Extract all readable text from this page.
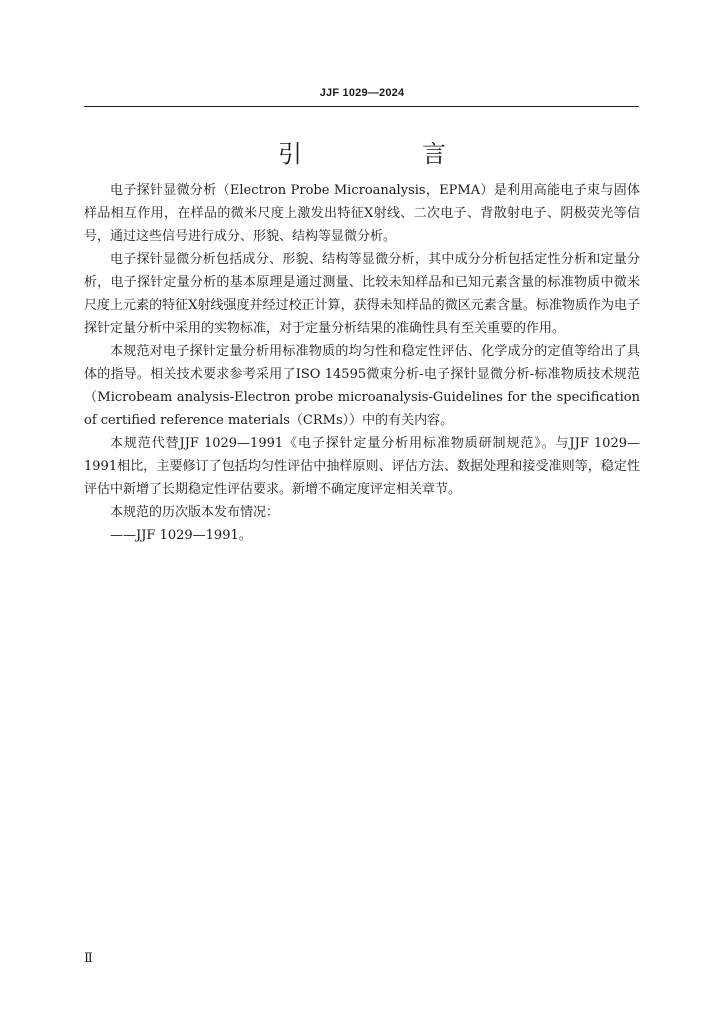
JJF 1029—2024
引　言

电子探针显微分析（Electron Probe Microanalysis，EPMA）是利用高能电子束与固体样品相互作用，在样品的微米尺度上激发出特征X射线、二次电子、背散射电子、阴极荧光等信号，通过这些信号进行成分、形貌、结构等显微分析。

电子探针显微分析包括成分、形貌、结构等显微分析，其中成分分析包括定性分析和定量分析，电子探针定量分析的基本原理是通过测量、比较未知样品和已知元素含量的标准物质中微米尺度上元素的特征X射线强度并经过校正计算，获得未知样品的微区元素含量。标准物质作为电子探针定量分析中采用的实物标准，对于定量分析结果的准确性具有至关重要的作用。

本规范对电子探针定量分析用标准物质的均匀性和稳定性评估、化学成分的定值等给出了具体的指导。相关技术要求参考采用了ISO 14595微束分析-电子探针显微分析-标准物质技术规范（Microbeam analysis-Electron probe microanalysis-Guidelines for the specification of certified reference materials（CRMs））中的有关内容。

本规范代替JJF 1029—1991《电子探针定量分析用标准物质研制规范》。与JJF 1029—1991相比，主要修订了包括均匀性评估中抽样原则、评估方法、数据处理和接受准则等，稳定性评估中新增了长期稳定性评估要求。新增不确定度评定相关章节。

本规范的历次版本发布情况：

——JJF 1029—1991。

Ⅱ
